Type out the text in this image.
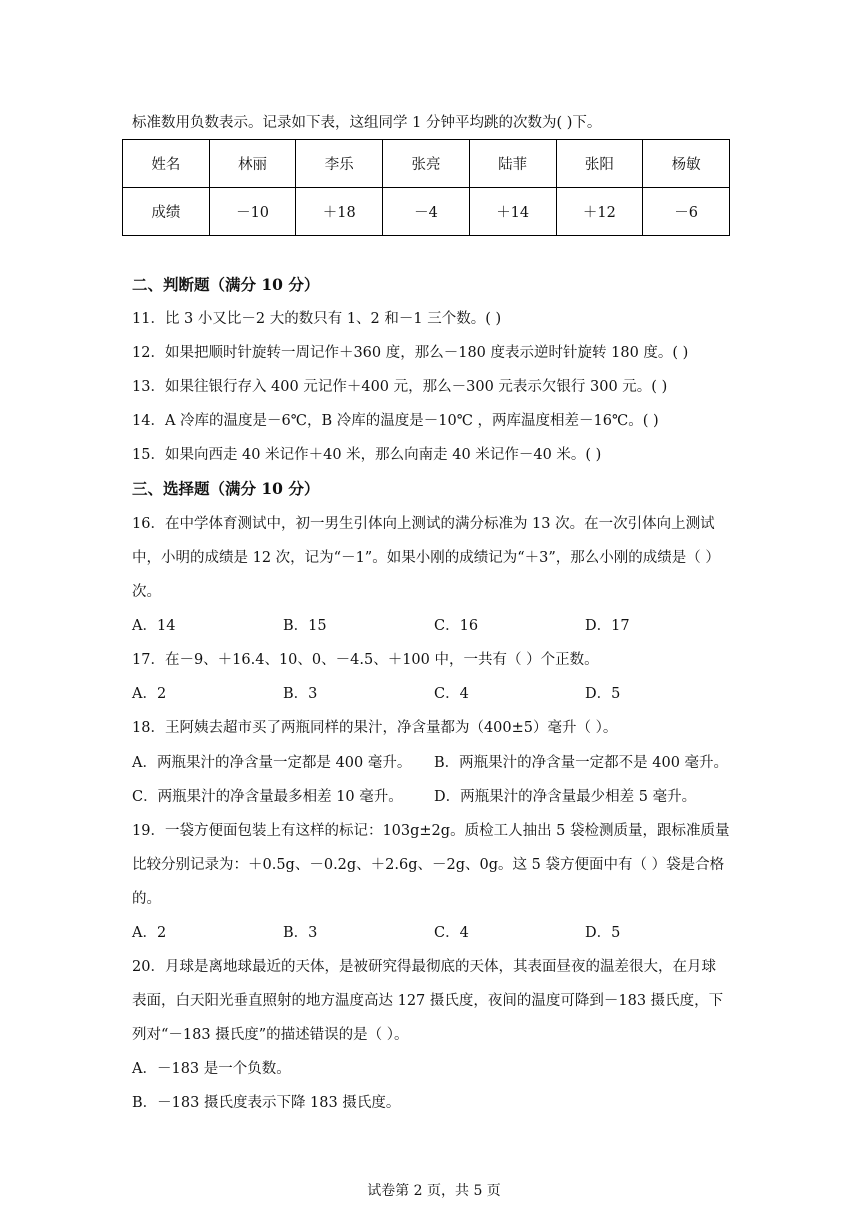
标准数用负数表示。记录如下表，这组同学 1 分钟平均跳的次数为( )下。
姓名	林丽	李乐	张亮	陆菲	张阳	杨敏
成绩	－10	＋18	－4	＋14	＋12	－6
二、判断题（满分 10 分）
11．比 3 小又比－2 大的数只有 1、2 和－1 三个数。( )
12．如果把顺时针旋转一周记作＋360 度，那么－180 度表示逆时针旋转 180 度。( )
13．如果往银行存入 400 元记作＋400 元，那么－300 元表示欠银行 300 元。( )
14．A 冷库的温度是－6℃，B 冷库的温度是－10℃ ，两库温度相差－16℃。( )
15．如果向西走 40 米记作＋40 米，那么向南走 40 米记作－40 米。( )
三、选择题（满分 10 分）
16．在中学体育测试中，初一男生引体向上测试的满分标准为 13 次。在一次引体向上测试
中，小明的成绩是 12 次，记为“－1”。如果小刚的成绩记为“＋3”，那么小刚的成绩是（ ）
次。
A．14	B．15	C．16	D．17
17．在－9、＋16.4、10、0、－4.5、＋100 中，一共有（ ）个正数。
A．2	B．3	C．4	D．5
18．王阿姨去超市买了两瓶同样的果汁，净含量都为（400±5）毫升（ ）。
A．两瓶果汁的净含量一定都是 400 毫升。 B．两瓶果汁的净含量一定都不是 400 毫升。
C．两瓶果汁的净含量最多相差 10 毫升。 D．两瓶果汁的净含量最少相差 5 毫升。
19．一袋方便面包装上有这样的标记：103g±2g。质检工人抽出 5 袋检测质量，跟标准质量
比较分别记录为：＋0.5g、－0.2g、＋2.6g、－2g、0g。这 5 袋方便面中有（ ）袋是合格
的。
A．2	B．3	C．4	D．5
20．月球是离地球最近的天体，是被研究得最彻底的天体，其表面昼夜的温差很大，在月球
表面，白天阳光垂直照射的地方温度高达 127 摄氏度，夜间的温度可降到－183 摄氏度，下
列对“－183 摄氏度”的描述错误的是（ ）。
A．－183 是一个负数。
B．－183 摄氏度表示下降 183 摄氏度。
试卷第 2 页，共 5 页
